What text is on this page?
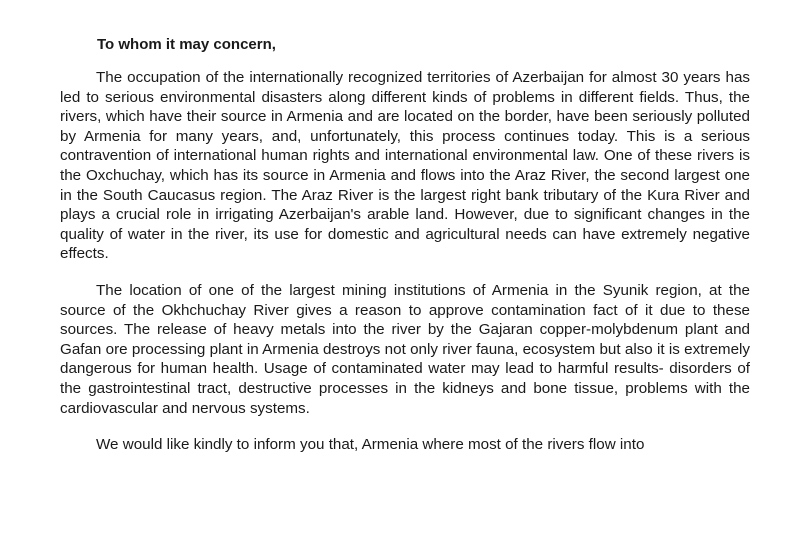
To whom it may concern,

The occupation of the internationally recognized territories of Azerbaijan for almost 30 years has led to serious environmental disasters along different kinds of problems in different fields. Thus, the rivers, which have their source in Armenia and are located on the border, have been seriously polluted by Armenia for many years, and, unfortunately, this process continues today. This is a serious contravention of international human rights and international environmental law. One of these rivers is the Oxchuchay, which has its source in Armenia and flows into the Araz River, the second largest one in the South Caucasus region. The Araz River is the largest right bank tributary of the Kura River and plays a crucial role in irrigating Azerbaijan's arable land. However, due to significant changes in the quality of water in the river, its use for domestic and agricultural needs can have extremely negative effects.

The location of one of the largest mining institutions of Armenia in the Syunik region, at the source of the Okhchuchay River gives a reason to approve contamination fact of it due to these sources. The release of heavy metals into the river by the Gajaran copper-molybdenum plant and Gafan ore processing plant in Armenia destroys not only river fauna, ecosystem but also it is extremely dangerous for human health. Usage of contaminated water may lead to harmful results- disorders of the gastrointestinal tract, destructive processes in the kidneys and bone tissue, problems with the cardiovascular and nervous systems.

We would like kindly to inform you that, Armenia where most of the rivers flow into
